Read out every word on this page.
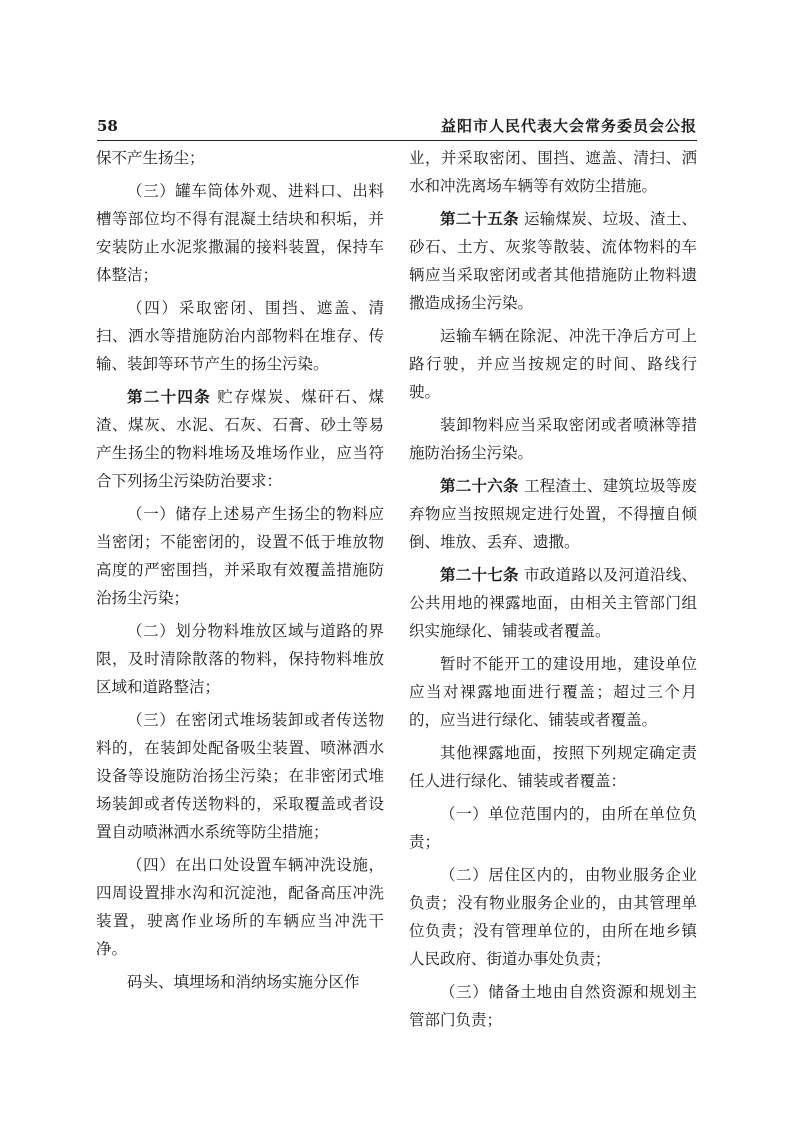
58	益阳市人民代表大会常务委员会公报

保不产生扬尘；

（三）罐车筒体外观、进料口、出料槽等部位均不得有混凝土结块和积垢，并安装防止水泥浆撒漏的接料装置，保持车体整洁；

（四）采取密闭、围挡、遮盖、清扫、洒水等措施防治内部物料在堆存、传输、装卸等环节产生的扬尘污染。

第二十四条 贮存煤炭、煤矸石、煤渣、煤灰、水泥、石灰、石膏、砂土等易产生扬尘的物料堆场及堆场作业，应当符合下列扬尘污染防治要求：

（一）储存上述易产生扬尘的物料应当密闭；不能密闭的，设置不低于堆放物高度的严密围挡，并采取有效覆盖措施防治扬尘污染；

（二）划分物料堆放区域与道路的界限，及时清除散落的物料，保持物料堆放区域和道路整洁；

（三）在密闭式堆场装卸或者传送物料的，在装卸处配备吸尘装置、喷淋洒水设备等设施防治扬尘污染；在非密闭式堆场装卸或者传送物料的，采取覆盖或者设置自动喷淋洒水系统等防尘措施；

（四）在出口处设置车辆冲洗设施，四周设置排水沟和沉淀池，配备高压冲洗装置，驶离作业场所的车辆应当冲洗干净。

码头、填埋场和消纳场实施分区作

业，并采取密闭、围挡、遮盖、清扫、洒水和冲洗离场车辆等有效防尘措施。

第二十五条 运输煤炭、垃圾、渣土、砂石、土方、灰浆等散装、流体物料的车辆应当采取密闭或者其他措施防止物料遗撒造成扬尘污染。

运输车辆在除泥、冲洗干净后方可上路行驶，并应当按规定的时间、路线行驶。

装卸物料应当采取密闭或者喷淋等措施防治扬尘污染。

第二十六条 工程渣土、建筑垃圾等废弃物应当按照规定进行处置，不得擅自倾倒、堆放、丢弃、遗撒。

第二十七条 市政道路以及河道沿线、公共用地的裸露地面，由相关主管部门组织实施绿化、铺装或者覆盖。

暂时不能开工的建设用地，建设单位应当对裸露地面进行覆盖；超过三个月的，应当进行绿化、铺装或者覆盖。

其他裸露地面，按照下列规定确定责任人进行绿化、铺装或者覆盖：

（一）单位范围内的，由所在单位负责；

（二）居住区内的，由物业服务企业负责；没有物业服务企业的，由其管理单位负责；没有管理单位的，由所在地乡镇人民政府、街道办事处负责；

（三）储备土地由自然资源和规划主管部门负责；
